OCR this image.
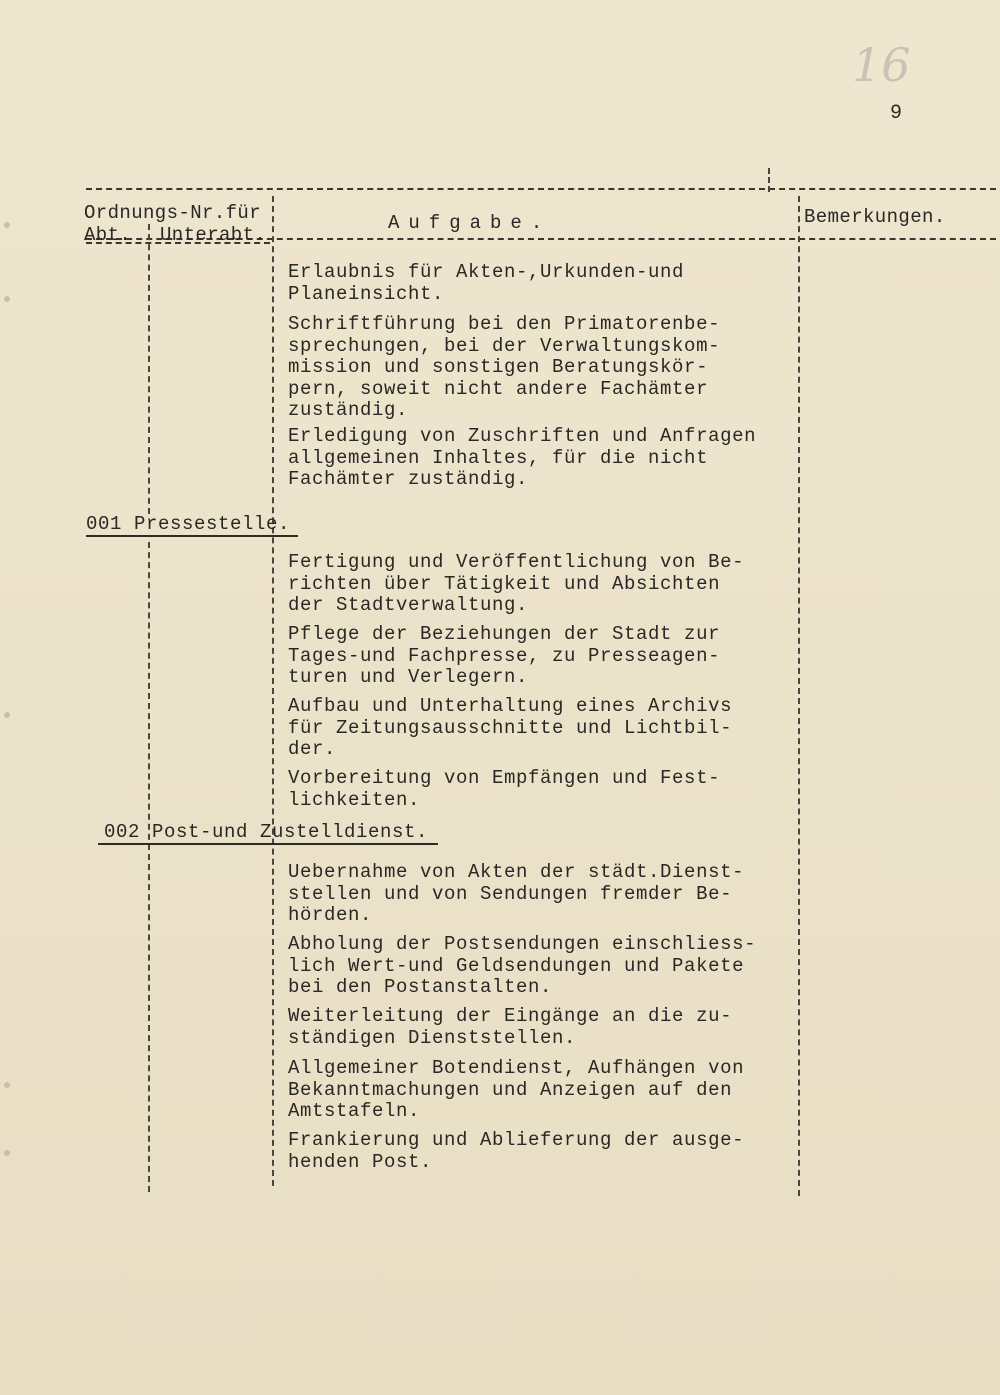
16
9
Ordnungs-Nr.für
Abt. Unterabt.
Aufgabe.	Bemerkungen.
Erlaubnis für Akten-,Urkunden-und
Planeinsicht.
Schriftführung bei den Primatorenbe-
sprechungen, bei der Verwaltungskom-
mission und sonstigen Beratungskör-
pern, soweit nicht andere Fachämter
zuständig.
Erledigung von Zuschriften und Anfragen
allgemeinen Inhaltes, für die nicht
Fachämter zuständig.
001 Pressestelle.
Fertigung und Veröffentlichung von Be-
richten über Tätigkeit und Absichten
der Stadtverwaltung.
Pflege der Beziehungen der Stadt zur
Tages-und Fachpresse, zu Presseagen-
turen und Verlegern.
Aufbau und Unterhaltung eines Archivs
für Zeitungsausschnitte und Lichtbil-
der.
Vorbereitung von Empfängen und Fest-
lichkeiten.
002 Post-und Zustelldienst.
Uebernahme von Akten der städt.Dienst-
stellen und von Sendungen fremder Be-
hörden.
Abholung der Postsendungen einschliess-
lich Wert-und Geldsendungen und Pakete
bei den Postanstalten.
Weiterleitung der Eingänge an die zu-
ständigen Dienststellen.
Allgemeiner Botendienst, Aufhängen von
Bekanntmachungen und Anzeigen auf den
Amtstafeln.
Frankierung und Ablieferung der ausge-
henden Post.
